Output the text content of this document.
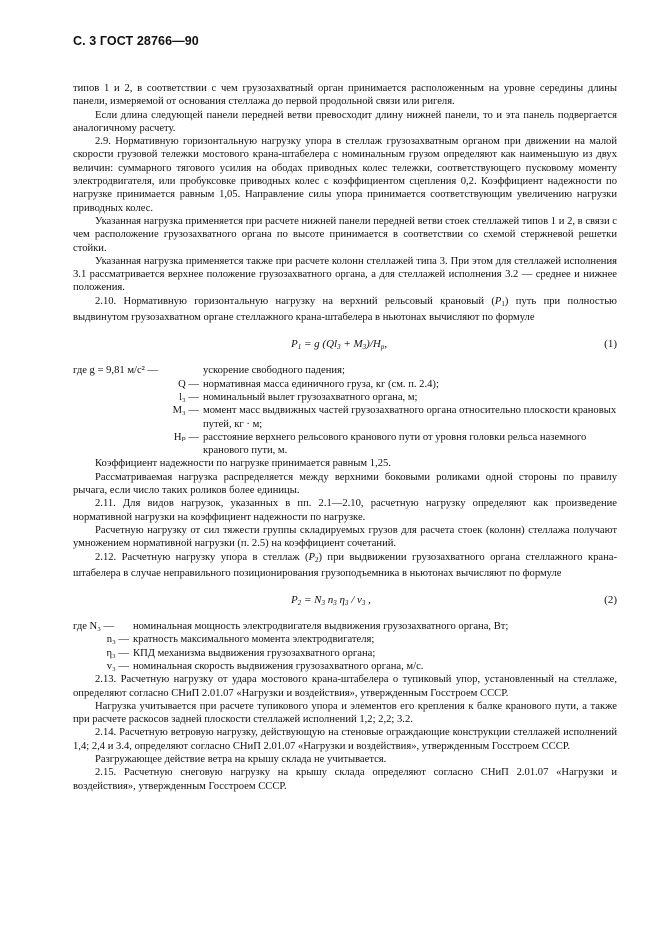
С. 3 ГОСТ 28766—90

типов 1 и 2, в соответствии с чем грузозахватный орган принимается расположенным на уровне середины длины панели, измеряемой от основания стеллажа до первой продольной связи или ригеля.

Если длина следующей панели передней ветви превосходит длину нижней панели, то и эта панель подвергается аналогичному расчету.

2.9. Нормативную горизонтальную нагрузку упора в стеллаж грузозахватным органом при движении на малой скорости грузовой тележки мостового крана-штабелера с номинальным грузом определяют как наименьшую из двух величин: суммарного тягового усилия на ободах приводных колес тележки, соответствующего пусковому моменту электродвигателя, или пробуксовке приводных колес с коэффициентом сцепления 0,2. Коэффициент надежности по нагрузке принимается равным 1,05. Направление силы упора принимается соответствующим увеличению нагрузки приводных колес.

Указанная нагрузка применяется при расчете нижней панели передней ветви стоек стеллажей типов 1 и 2, в связи с чем расположение грузозахватного органа по высоте принимается в соответствии со схемой стержневой решетки стойки.

Указанная нагрузка применяется также при расчете колонн стеллажей типа 3. При этом для стеллажей исполнения 3.1 рассматривается верхнее положение грузозахватного органа, а для стеллажей исполнения 3.2 — среднее и нижнее положения.

2.10. Нормативную горизонтальную нагрузку на верхний рельсовый крановый $(P_1)$ путь при полностью выдвинутом грузозахватном органе стеллажного крана-штабелера в ньютонах вычисляют по формуле

$P_1 = g$ $(Ql_3 + M_3)/H_p$,	(1)
где g = 9,81 м/с² —	ускорение свободного падения;
Q — нормативная масса единичного груза, кг (см. п. 2.4);
l₃ — номинальный вылет грузозахватного органа, м;
M₃ — момент масс выдвижных частей грузозахватного органа относительно плоскости крановых путей, кг · м;
Hₚ — расстояние верхнего рельсового кранового пути от уровня головки рельса наземного кранового пути, м.

Коэффициент надежности по нагрузке принимается равным 1,25.

Рассматриваемая нагрузка распределяется между верхними боковыми роликами одной стороны по правилу рычага, если число таких роликов более единицы.

2.11. Для видов нагрузок, указанных в пп. 2.1—2.10, расчетную нагрузку определяют как произведение нормативной нагрузки на коэффициент надежности по нагрузке.

Расчетную нагрузку от сил тяжести группы складируемых грузов для расчета стоек (колонн) стеллажа получают умножением нормативной нагрузки (п. 2.5) на коэффициент сочетаний.

2.12. Расчетную нагрузку упора в стеллаж $(P_2)$ при выдвижении грузозахватного органа стеллажного крана-штабелера в случае неправильного позиционирования грузоподъемника в ньютонах вычисляют по формуле

$P_2 = N_3$ $n_3$ $\eta_3 / v_3$ ,	(2)
где N₃ —	номинальная мощность электродвигателя выдвижения грузозахватного органа, Вт;
n₃ — кратность максимального момента электродвигателя;
η₃ — КПД механизма выдвижения грузозахватного органа;
v₃ — номинальная скорость выдвижения грузозахватного органа, м/с.

2.13. Расчетную нагрузку от удара мостового крана-штабелера о тупиковый упор, установленный на стеллаже, определяют согласно СНиП 2.01.07 «Нагрузки и воздействия», утвержденным Госстроем СССР.

Нагрузка учитывается при расчете тупикового упора и элементов его крепления к балке кранового пути, а также при расчете раскосов задней плоскости стеллажей исполнений 1,2; 2,2; 3.2.

2.14. Расчетную ветровую нагрузку, действующую на стеновые ограждающие конструкции стеллажей исполнений 1,4; 2,4 и 3.4, определяют согласно СНиП 2.01.07 «Нагрузки и воздействия», утвержденным Госстроем СССР.

Разгружающее действие ветра на крышу склада не учитывается.

2.15. Расчетную снеговую нагрузку на крышу склада определяют согласно СНиП 2.01.07 «Нагрузки и воздействия», утвержденным Госстроем СССР.
